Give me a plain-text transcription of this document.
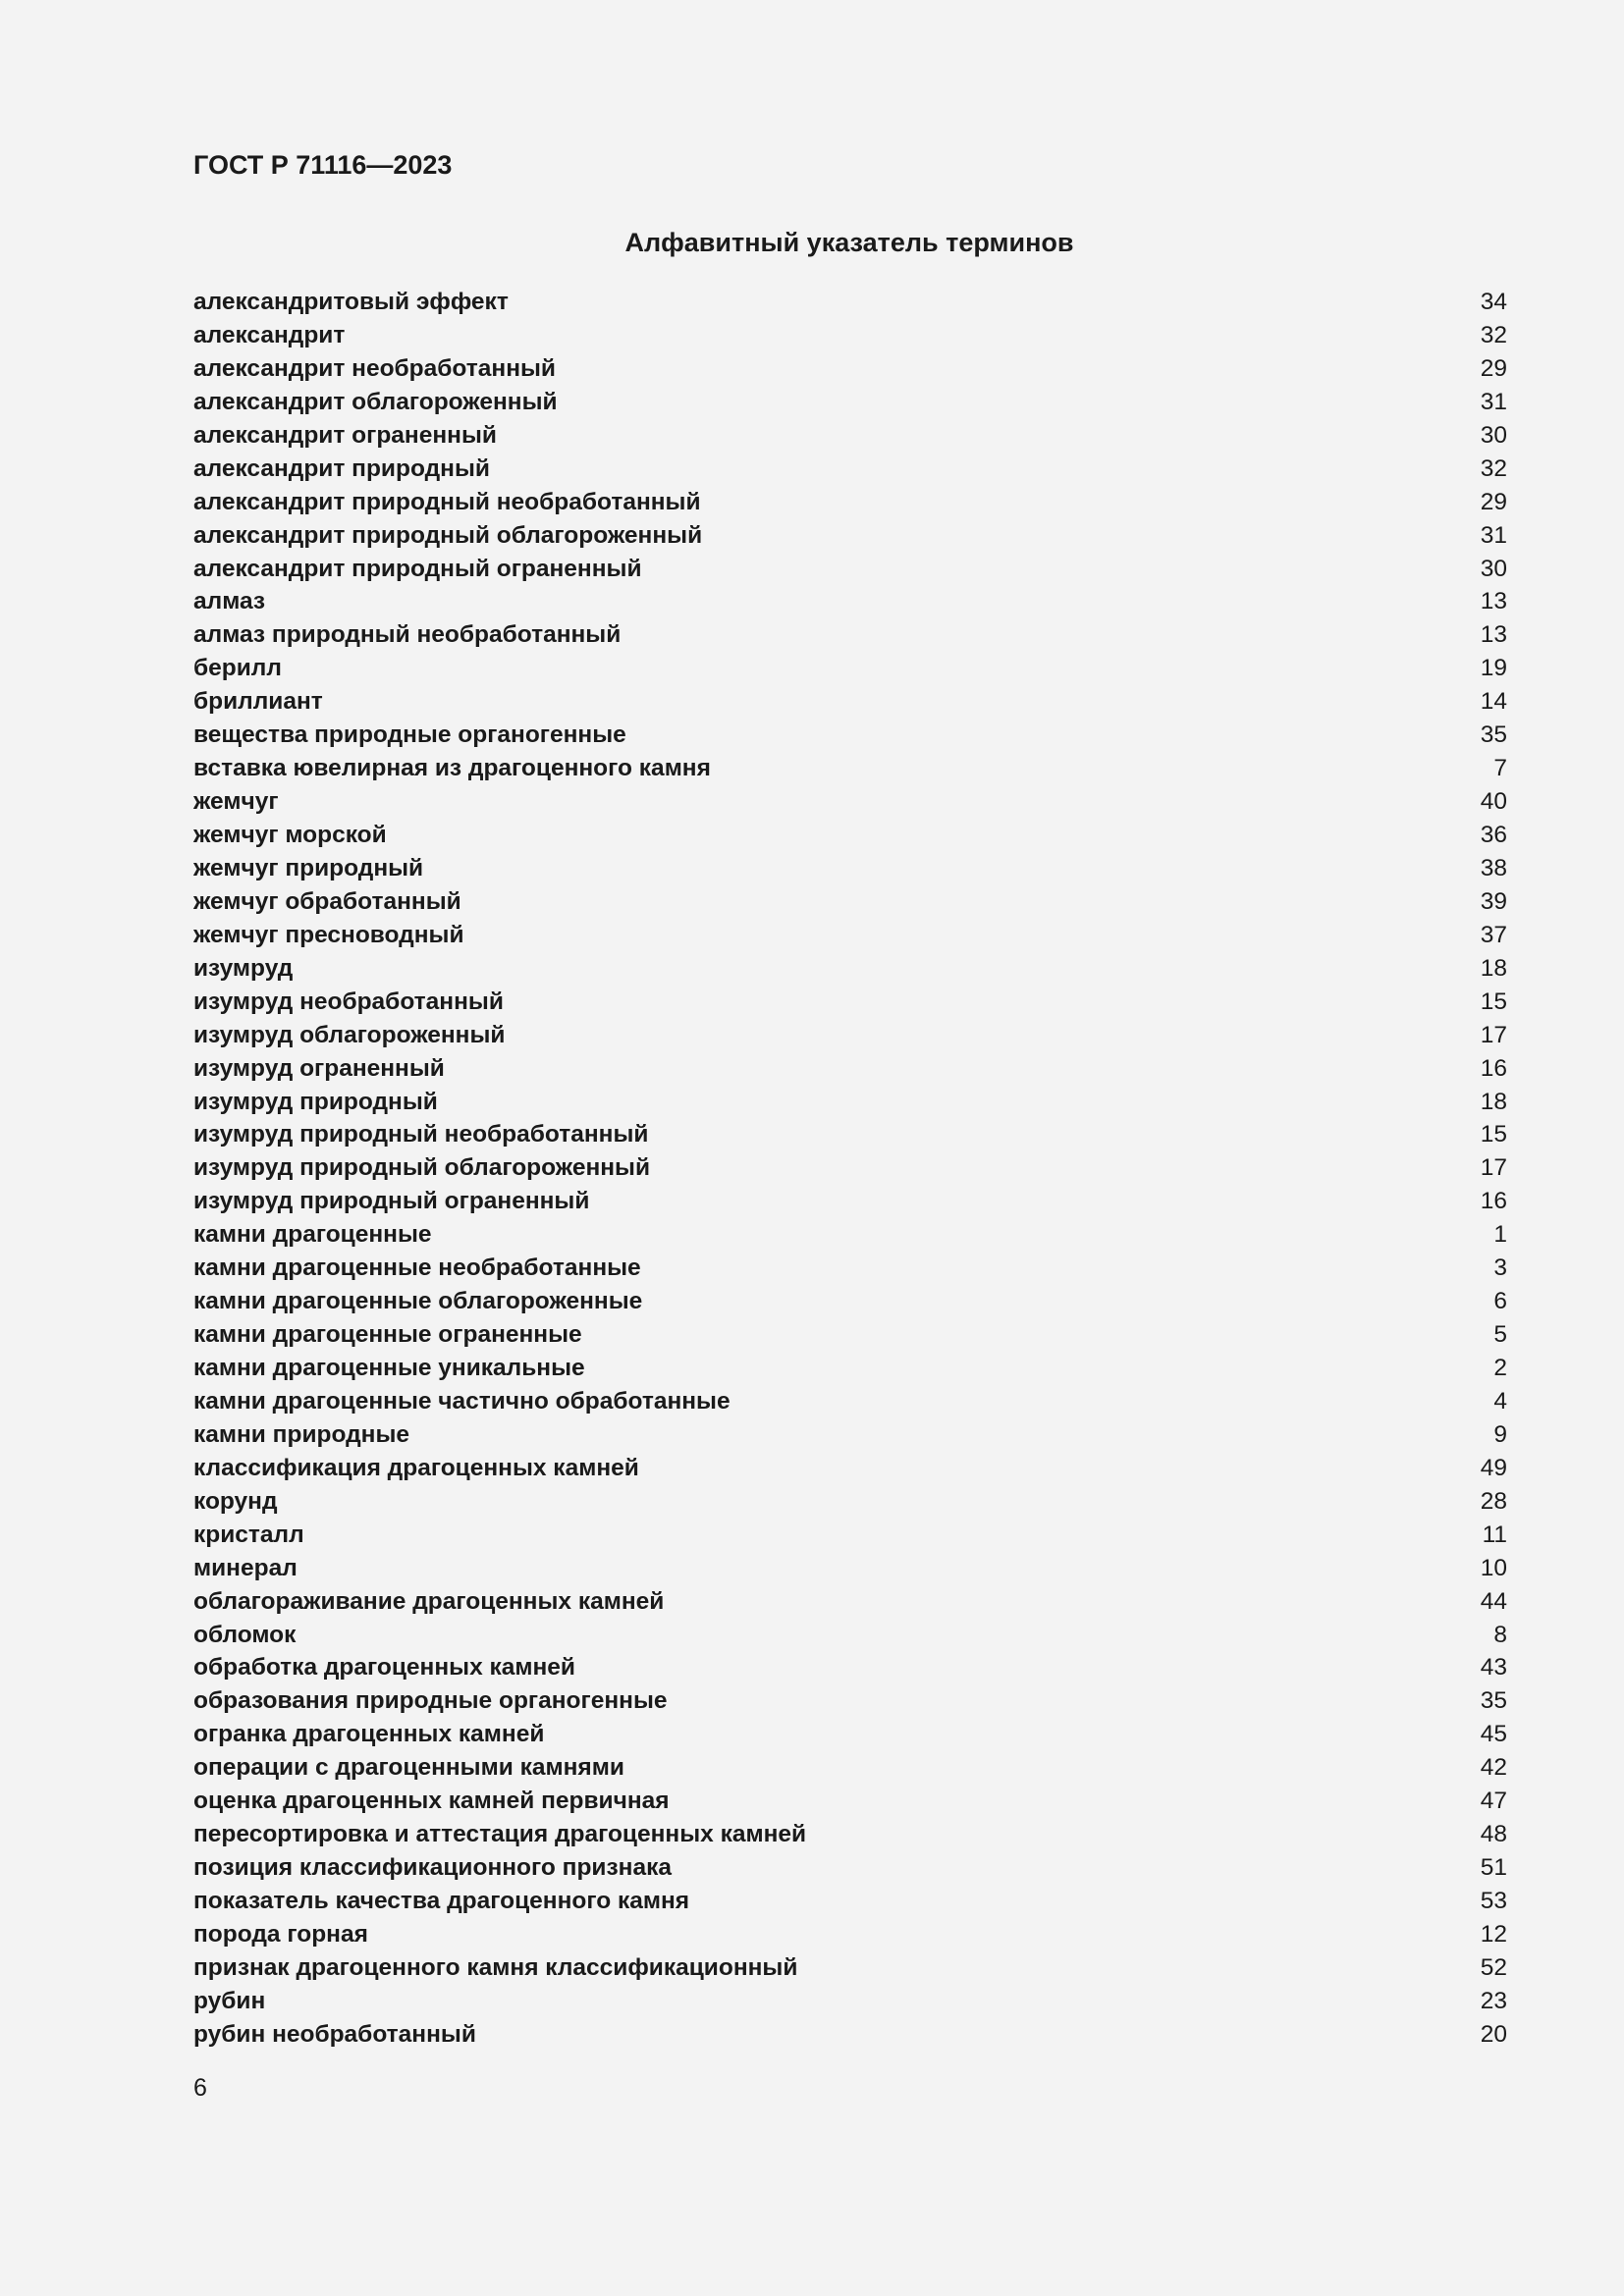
ГОСТ Р 71116—2023
Алфавитный указатель терминов
александритовый эффект	34
александрит	32
александрит необработанный	29
александрит облагороженный	31
александрит ограненный	30
александрит природный	32
александрит природный необработанный	29
александрит природный облагороженный	31
александрит природный ограненный	30
алмаз	13
алмаз природный необработанный	13
берилл	19
бриллиант	14
вещества природные органогенные	35
вставка ювелирная из драгоценного камня	7
жемчуг	40
жемчуг морской	36
жемчуг природный	38
жемчуг обработанный	39
жемчуг пресноводный	37
изумруд	18
изумруд необработанный	15
изумруд облагороженный	17
изумруд ограненный	16
изумруд природный	18
изумруд природный необработанный	15
изумруд природный облагороженный	17
изумруд природный ограненный	16
камни драгоценные	1
камни драгоценные необработанные	3
камни драгоценные облагороженные	6
камни драгоценные ограненные	5
камни драгоценные уникальные	2
камни драгоценные частично обработанные	4
камни природные	9
классификация драгоценных камней	49
корунд	28
кристалл	11
минерал	10
облагораживание драгоценных камней	44
обломок	8
обработка драгоценных камней	43
образования природные органогенные	35
огранка драгоценных камней	45
операции с драгоценными камнями	42
оценка драгоценных камней первичная	47
пересортировка и аттестация драгоценных камней	48
позиция классификационного признака	51
показатель качества драгоценного камня	53
порода горная	12
признак драгоценного камня классификационный	52
рубин	23
рубин необработанный	20
6
